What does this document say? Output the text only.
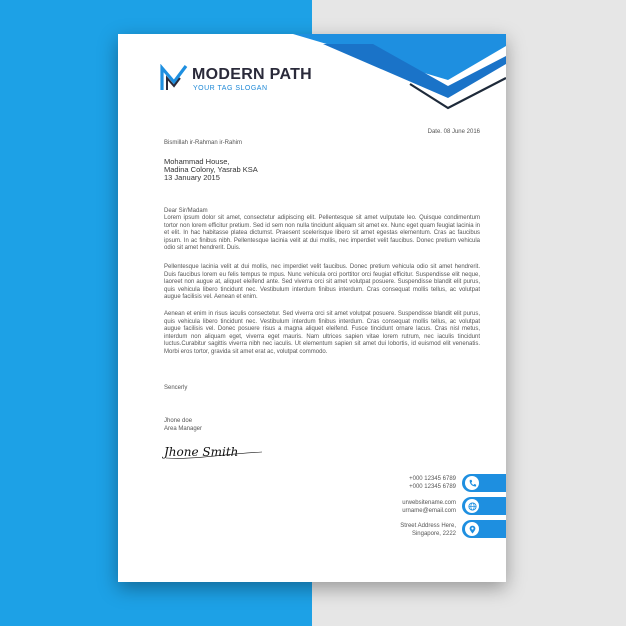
MODERN PATH
YOUR TAG SLOGAN
Date. 08 June 2016
Bismillah ir-Rahman ir-Rahim
Mohammad House,
Madina Colony, Yasrab KSA
13 January 2015
Dear Sir/Madam

Lorem ipsum dolor sit amet, consectetur adipiscing elit. Pellentesque sit amet vulputate leo. Quisque condimentum tortor non lorem efficitur pretium. Sed id sem non nulla tincidunt aliquam sit amet ex. Nunc eget quam feugiat lacinia in et elit. In hac habitasse platea dictumst. Praesent scelerisque libero sit amet egestas elementum. Cras ac faucibus ipsum. In ac finibus nibh. Pellentesque lacinia velit at dui mollis, nec imperdiet velit faucibus. Donec pretium vehicula odio sit amet hendrerit. Duis.

Pellentesque lacinia velit at dui mollis, nec imperdiet velit faucibus. Donec pretium vehicula odio sit amet hendrerit. Duis faucibus lorem eu felis tempus te mpus. Nunc vehicula orci porttitor orci feugiat efficitur. Suspendisse elit neque, laoreet non augue at, aliquet eleifend ante. Sed viverra orci sit amet volutpat posuere. Suspendisse blandit elit purus, quis vehicula libero tincidunt nec. Vestibulum interdum finibus interdum. Cras consequat mollis tellus, ac volutpat augue facilisis vel. Aenean et enim.

Aenean et enim in risus iaculis consectetur. Sed viverra orci sit amet volutpat posuere. Suspendisse blandit elit purus, quis vehicula libero tincidunt nec. Vestibulum interdum finibus interdum. Cras consequat mollis tellus, ac volutpat augue facilisis vel. Donec posuere risus a magna aliquet eleifend. Fusce tincidunt ornare lacus. Cras nisl metus, interdum non aliquam eget, viverra eget mauris. Nam ultrices sapien vitae lorem rutrum, nec iaculis tincidunt luctus.Curabitur sagittis viverra nibh nec iaculis. Ut elementum sapien sit amet dui lobortis, id euismod elit venenatis. Morbi eros tortor, gravida sit amet erat ac, volutpat commodo.

Sencerly
Jhone doe
Area Manager
Jhone Smith
+000 12345 6789
+000 12345 6789
urwebsitename.com
urname@email.com
Street Address Here,
Singapore, 2222
